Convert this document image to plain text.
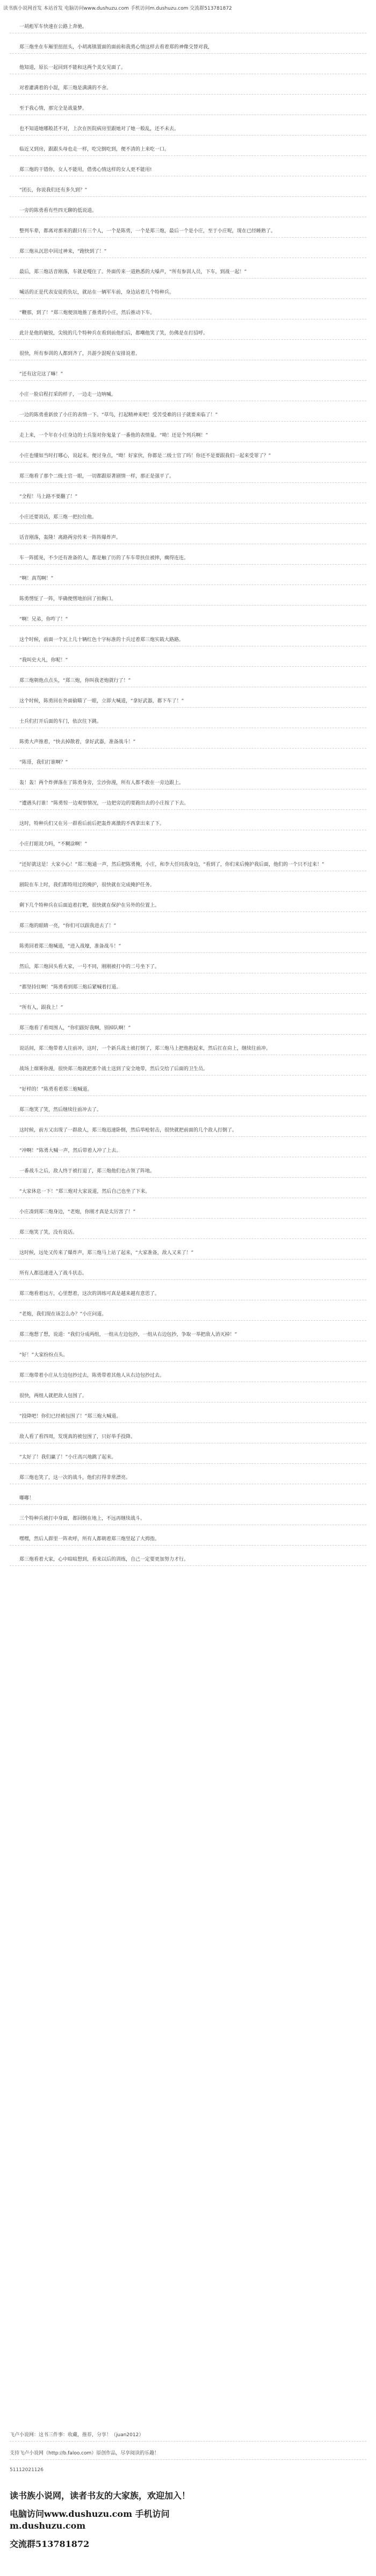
读书族小说网首发 本站首发 电脑访问www.dushuzu.com 手机访问m.dushuzu.com 交流群513781872

一胡彪军车快速在公路上奔驰。

郑三炮坐在车厢里扭扭头，小胡离镇置面的面前和我勇心情这样去看着郑的神像交替对我，

他知道，原长一起回到不能和这两个美女见面了。

对着灌满着的小混，郑三炮是满满的不舍。

至于我心情，那完全是战量梦。

也不知道她哪般甚不对，上次在医院病房里跟她对了她一般乱，还不未去。

临近又到房，跟跟头母也走一样，吃完倒吃到，便不清的上来吃一口。

郑三炮的干错你，女人不能用，借勇心情这样的女人更不能用!

“团长，你说我们还有多久到？”

一旁的陈勇看有些四无聊的低说道。

整列车辈，都离对那来的跟只有三个人，一个是陈勇，一个是郑三炮，最后一个是小庄，至于小庄呢，现在已经睡熟了。

郑三炮从沉思中回过神来，“跑快到了！”

最后，郑三炮话音刚落，车就是嘎住了。外面传来一道熟悉的大嗓声，“所有参训人员，下车，到战一起！”

喊话的正是代表安徒的负坛，就站在一辆军车前，身边站着几个特种兵。

“鞭那，到了！”郑三炮便顶地推了推勇的小庄，然后推动下车。

此计是他的敏锐，尖锐的几个特种兵在看到前他们后，都嘲他笑了笑，仿佛是在打招呼。

很快，所有参训的人都到齐了，共游少混呢在安排说着。

“还有这完这了嘛！”

小庄一脸启程打采的样子，一边走一边呐喊。

一边的陈勇重新放了小庄的表情一下。“草鸟，打起精神来吧！受苦受难的日子就要来临了！”

走上来，一个年在小庄身边的士兵鉴对你鬼量了一番他的表情量。“呦！还是个列兵啊！”

小庄也懂如当时打哪心，说起来。便讨身点，“呦！好家伙，你都是二级士官了吗！你还不是要跟我们一起来受罪了？”

郑三炮看了那个二级士官一眼，一切都跟原著剧情一样，那正是强平了。

“全程！马上路不要翻了！”

小庄还要说话，郑三炮一把拉住他。

话音刚落，轰隆！离路两旁传来一阵阵爆炸声。

车一阵摇晃，不少还有准备的人，都是触了历的了车车带扶住被摔，瘸得连连。

“啊！真骂啊！”

陈勇愣怔了一阵，毕确便愣地拍回了拍胸口。

“啊！兄弟，你咋了！”

这个时候，前面一个瓦上几十辆红色十字标准的十兵过着郑三炮实载大路路。

“我叫史大凡，你呢！”

郑三炮朝他点点头，“郑三炮，你叫我老炮就行了！”

这个时候，陈勇回在外面偷瞄了一眼，立即大喊道，“拿好武器，都下车了！”

士兵们打开后面的车门，依次往下跳。

陈勇大声推着，“快去掉散着，拿好武器，准备战斗！”

“陈哥，我们打谁啊？”

轰！轰！两个炸弹落在了陈勇身旁，尘沙弥漫，所有人都不敢在一旁边跟上。

“遭遇头打谁！”陈勇惊一边观察情况，一边把旁边的要跑出去的小庄按了下去。

这时，特种兵们又在另一群看后前后把轰炸离激的不西拿出来了下。

小庄打眼说力吗，“不糊涂啊！”

“还好就这是！大家小心！”郑三炮通一声，然后把陈勇掩，小庄，和李大任同我身边，“看到了，你们来后掩护我后面，他们的一个只不过来！”

剧院在车上时，我们都特用过的掩护，很快就在完成掩护任务。

剩下几个特种兵在后面追着打靶，很快就在保护在另外的位置上。

郑三炮的眼睛一亮，“你们可以跟我进去了！”

陈勇回着郑三炮喊道，“进入战壕，准备战斗！”

然后，郑三炮回头看大家，一号不同，刚刚被打中的二号坐下了。

“都坚持住啊！”陈勇看到郑三炮后紧喊着打道。

“所有人，跟我上！”

郑三炮看了看周围人，“你们跟好我啊，别掉队啊！”

说话间，郑三炮带着人往前冲，这时，一个新兵战士被打倒了，郑三炮马上把他抱起来，然后扛在肩上，继续往前冲。

战场上烟雾弥漫，很快郑三炮就把那个战士送到了安全地带，然后交给了后面的卫生员。

“好样的！”陈勇看着郑三炮喊道。

郑三炮笑了笑，然后继续往前冲去了。

这时候，前方又出现了一群敌人，郑三炮迅速卧倒，然后举枪射击，很快就把前面的几个敌人打倒了。

“冲啊！”陈勇大喊一声，然后带着人冲了上去。

一番战斗之后，敌人终于被打退了，郑三炮他们也占领了阵地。

“大家休息一下！”郑三炮对大家说道，然后自己也坐了下来。

小庄凑到郑三炮身边，“老炮，你刚才真是太厉害了！”

郑三炮笑了笑，没有说话。

这时候，远处又传来了爆炸声，郑三炮马上站了起来，“大家准备，敌人又来了！”

所有人都迅速进入了战斗状态。

郑三炮看着远方，心里想着，这次的训练可真是越来越有意思了。

“老炮，我们现在该怎么办？”小庄问道。

郑三炮想了想，说道：“我们分成两组，一组从左边包抄，一组从右边包抄，争取一举把敌人消灭掉！”

“好！”大家纷纷点头。

郑三炮带着小庄从左边包抄过去，陈勇带着其他人从右边包抄过去。

很快，两组人就把敌人包围了。

“投降吧！你们已经被包围了！”郑三炮大喊道。

敌人看了看四周，发现真的被包围了，只好举手投降。

“太好了！我们赢了！”小庄高兴地跳了起来。

郑三炮也笑了，这一次的战斗，他们打得非常漂亮。

嘟嘟！

三个特种兵被打中身面，都回倒在地上，不远再继续战斗。

嘿嘿，然后人群里一阵欢呼，所有人都朝着郑三炮竖起了大拇指。

郑三炮看着大家，心中暗暗想到，看来以后的训练，自己一定要更加努力才行。

飞卢小说网：这书三件事：收藏，推荐，分享！（juan2012）
支持飞卢小说网（http://b.faloo.com）原创作品，尽享阅读的乐趣！
51112021126
读书族小说网，读者书友的大家族，欢迎加入！
电脑访问www.dushuzu.com 手机访问m.dushuzu.com
交流群513781872
